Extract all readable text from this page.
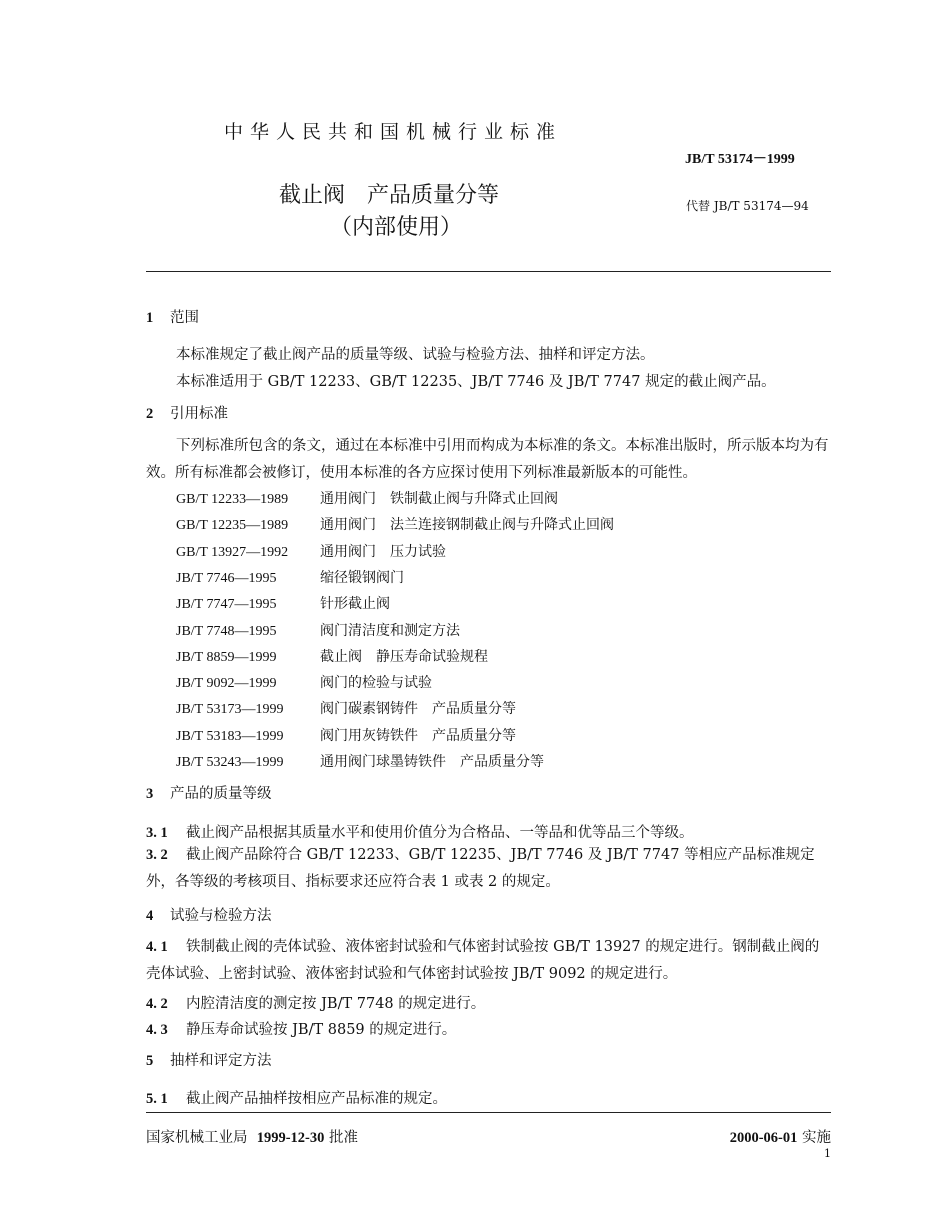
中华人民共和国机械行业标准
JB/T 53174－1999
截止阀　产品质量分等
（内部使用）
代替 JB/T 53174—94
1 范围
本标准规定了截止阀产品的质量等级、试验与检验方法、抽样和评定方法。
本标准适用于 GB/T 12233、GB/T 12235、JB/T 7746 及 JB/T 7747 规定的截止阀产品。
2 引用标准
下列标准所包含的条文，通过在本标准中引用而构成为本标准的条文。本标准出版时，所示版本均为有效。所有标准都会被修订，使用本标准的各方应探讨使用下列标准最新版本的可能性。
GB/T 12233—1989 通用阀门　铁制截止阀与升降式止回阀
GB/T 12235—1989 通用阀门　法兰连接钢制截止阀与升降式止回阀
GB/T 13927—1992 通用阀门　压力试验
JB/T 7746—1995	缩径锻钢阀门
JB/T 7747—1995	针形截止阀
JB/T 7748—1995	阀门清洁度和测定方法
JB/T 8859—1999	截止阀　静压寿命试验规程
JB/T 9092—1999	阀门的检验与试验
JB/T 53173—1999	阀门碳素钢铸件　产品质量分等
JB/T 53183—1999	阀门用灰铸铁件　产品质量分等
JB/T 53243—1999	通用阀门球墨铸铁件　产品质量分等
3 产品的质量等级
3. 1 截止阀产品根据其质量水平和使用价值分为合格品、一等品和优等品三个等级。
3. 2 截止阀产品除符合 GB/T 12233、GB/T 12235、JB/T 7746 及 JB/T 7747 等相应产品标准规定外，各等级的考核项目、指标要求还应符合表 1 或表 2 的规定。
4 试验与检验方法
4. 1 铁制截止阀的壳体试验、液体密封试验和气体密封试验按 GB/T 13927 的规定进行。钢制截止阀的壳体试验、上密封试验、液体密封试验和气体密封试验按 JB/T 9092 的规定进行。
4. 2 内腔清洁度的测定按 JB/T 7748 的规定进行。
4. 3 静压寿命试验按 JB/T 8859 的规定进行。
5 抽样和评定方法
5. 1 截止阀产品抽样按相应产品标准的规定。
国家机械工业局 1999-12-30 批准	2000-06-01 实施
1
